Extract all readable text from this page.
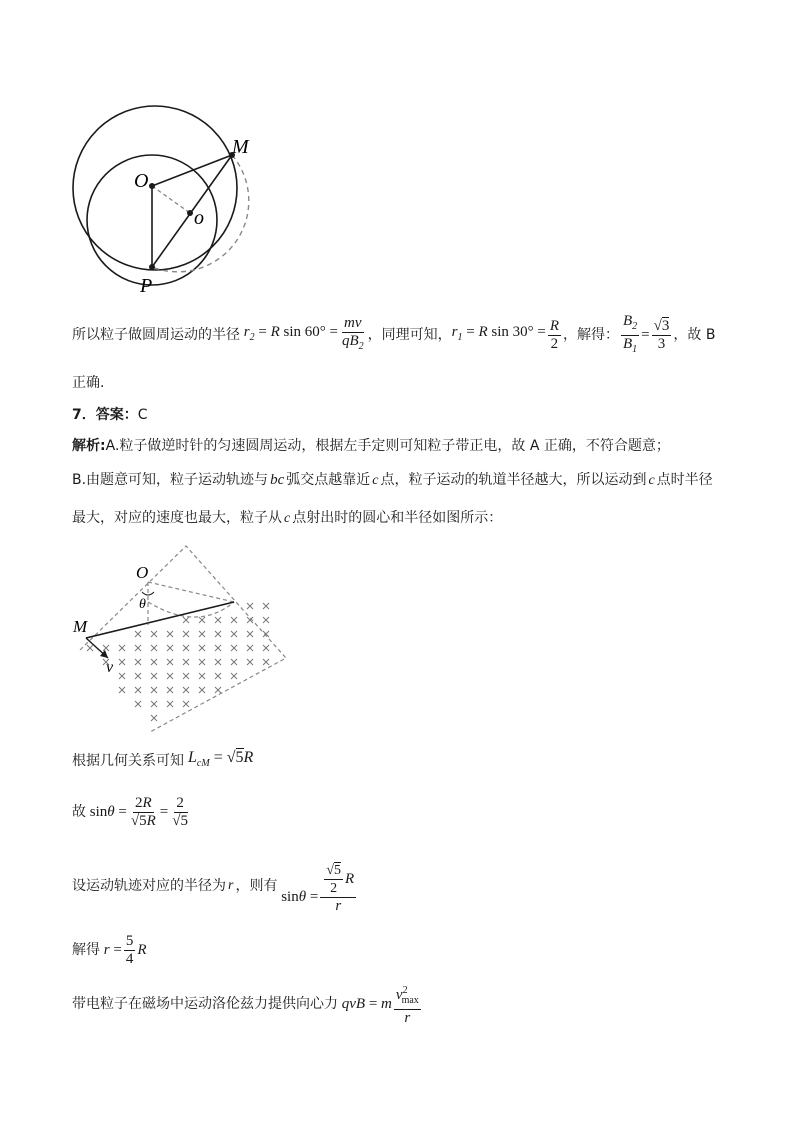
M
O
o
P
所以粒子做圆周运动的半径 $r_2 = R$ $\sin 60^\circ = \frac{mv}{qB_2}$ ，同理可知， $r_1 = R$ $\sin 30^\circ = \frac{R}{2}$ ，解得： $\frac{B_2}{B_1} = \frac{√3}{3}$ ，故 B
正确.
7．答案：C
解析:A.粒子做逆时针的匀速圆周运动，根据左手定则可知粒子带正电，故 A 正确，不符合题意；
B.由题意可知，粒子运动轨迹与 bc 弧交点越靠近 c 点，粒子运动的轨道半径越大，所以运动到 c 点时半径
最大，对应的速度也最大，粒子从 c 点射出时的圆心和半径如图所示：
O
θ
M
v
根据几何关系可知 $L_{cM} = √5R$
故 $\sin\theta = \frac{2R}{√5R} = \frac{2}{√5}$
设运动轨迹对应的半径为 r ，则有
$\sin\theta = \frac{\frac{√5}{2} R}{r}$
解得 $r = \frac{5}{4}$ R
带电粒子在磁场中运动洛伦兹力提供向心力 qvB = m $\frac{v^2_{max}}{r}$
